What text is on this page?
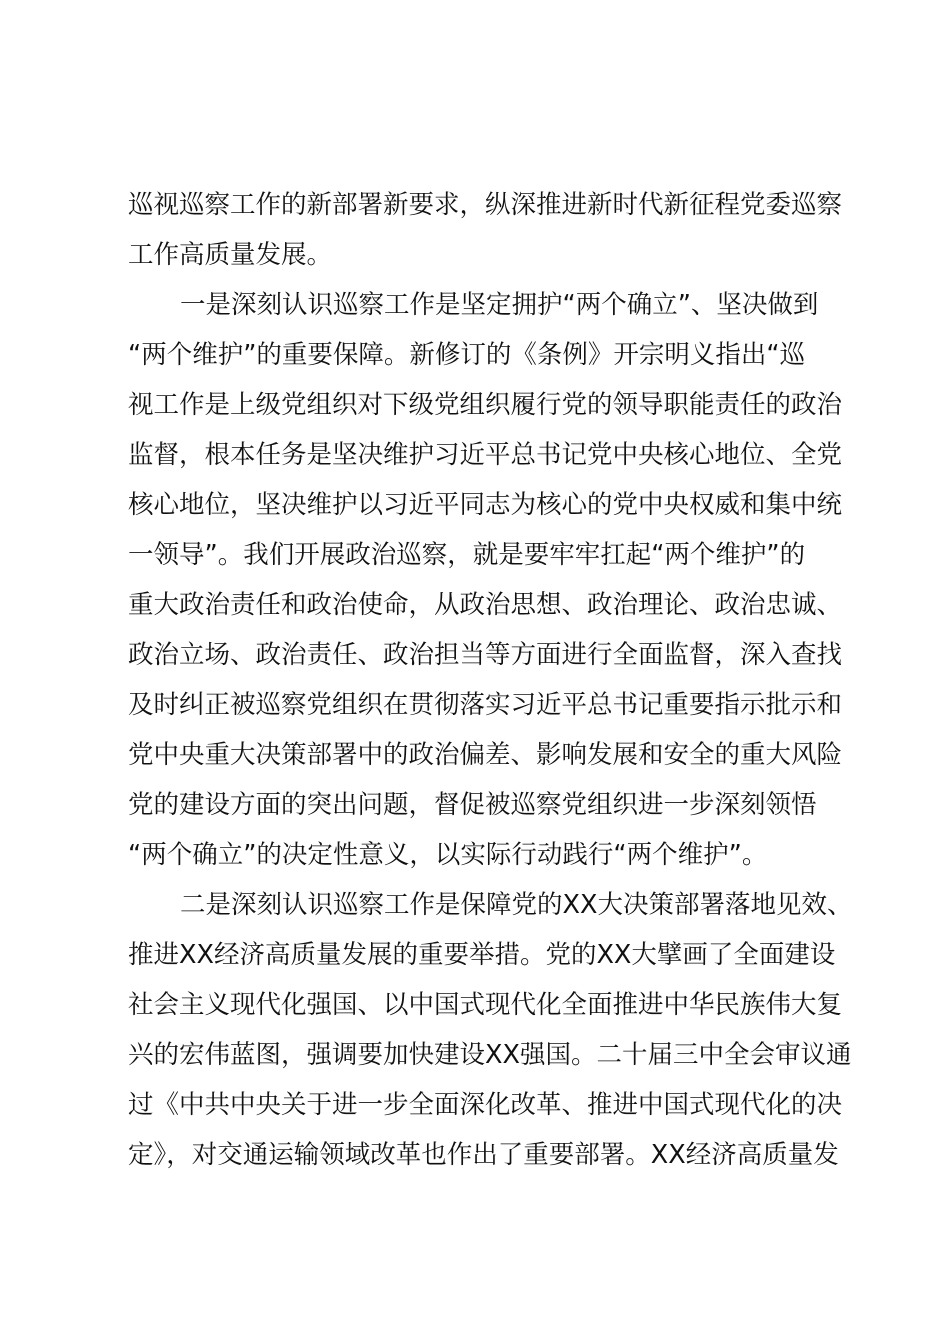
巡视巡察工作的新部署新要求，纵深推进新时代新征程党委巡察
工作高质量发展。
一是深刻认识巡察工作是坚定拥护“两个确立”、坚决做到
“两个维护”的重要保障。新修订的《条例》开宗明义指出“巡
视工作是上级党组织对下级党组织履行党的领导职能责任的政治
监督，根本任务是坚决维护习近平总书记党中央核心地位、全党
核心地位，坚决维护以习近平同志为核心的党中央权威和集中统
一领导”。我们开展政治巡察，就是要牢牢扛起“两个维护”的
重大政治责任和政治使命，从政治思想、政治理论、政治忠诚、
政治立场、政治责任、政治担当等方面进行全面监督，深入查找
及时纠正被巡察党组织在贯彻落实习近平总书记重要指示批示和
党中央重大决策部署中的政治偏差、影响发展和安全的重大风险
党的建设方面的突出问题，督促被巡察党组织进一步深刻领悟
“两个确立”的决定性意义，以实际行动践行“两个维护”。
二是深刻认识巡察工作是保障党的XX大决策部署落地见效、
推进XX经济高质量发展的重要举措。党的XX大擘画了全面建设
社会主义现代化强国、以中国式现代化全面推进中华民族伟大复
兴的宏伟蓝图，强调要加快建设XX强国。二十届三中全会审议通
过《中共中央关于进一步全面深化改革、推进中国式现代化的决
定》，对交通运输领域改革也作出了重要部署。XX经济高质量发
